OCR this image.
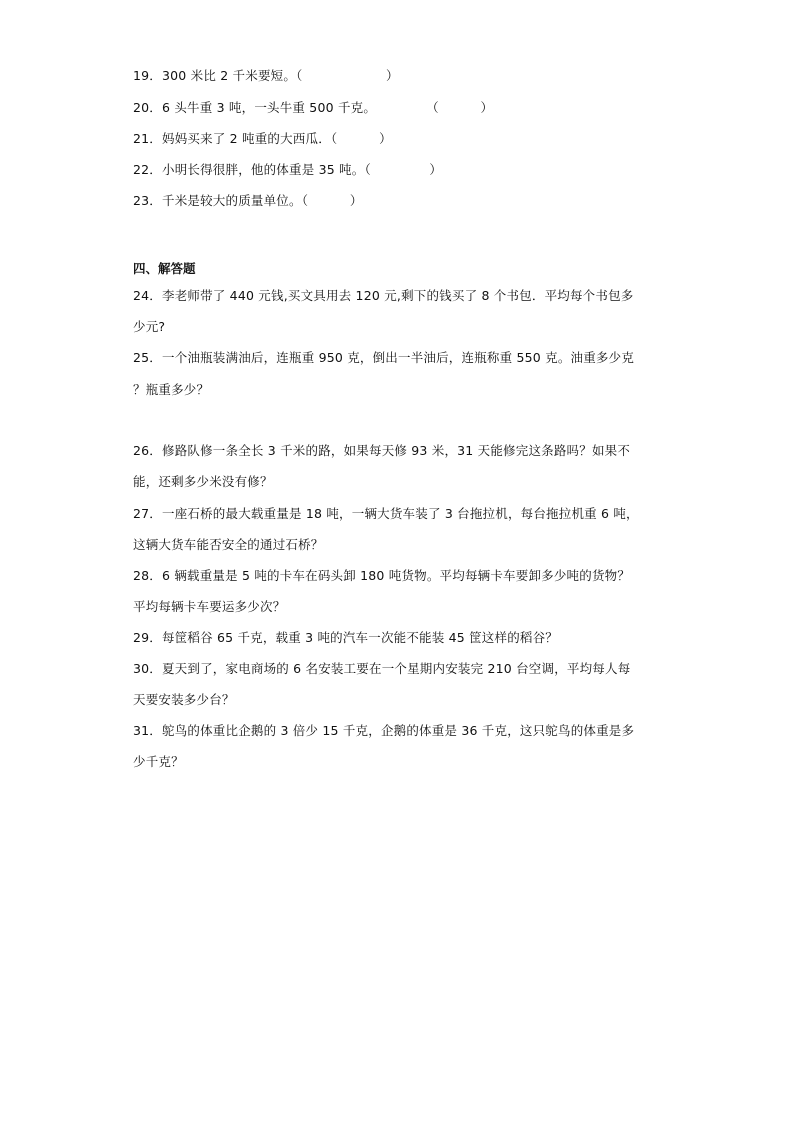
19．300 米比 2 千米要短。（                    ）
20．6 头牛重 3 吨，一头牛重 500 千克。            （          ）
21．妈妈买来了 2 吨重的大西瓜．（          ）
22．小明长得很胖，他的体重是 35 吨。（              ）
23．千米是较大的质量单位。（          ）
四、解答题
24．李老师带了 440 元钱,买文具用去 120 元,剩下的钱买了 8 个书包．平均每个书包多
少元?
25．一个油瓶装满油后，连瓶重 950 克，倒出一半油后，连瓶称重 550 克。油重多少克
？瓶重多少？
26．修路队修一条全长 3 千米的路，如果每天修 93 米，31 天能修完这条路吗？如果不
能，还剩多少米没有修？
27．一座石桥的最大载重量是 18 吨，一辆大货车装了 3 台拖拉机，每台拖拉机重 6 吨，
这辆大货车能否安全的通过石桥？
28．6 辆载重量是 5 吨的卡车在码头卸 180 吨货物。平均每辆卡车要卸多少吨的货物？
平均每辆卡车要运多少次？
29．每筐稻谷 65 千克，载重 3 吨的汽车一次能不能装 45 筐这样的稻谷？
30．夏天到了，家电商场的 6 名安装工要在一个星期内安装完 210 台空调，平均每人每
天要安装多少台？
31．鸵鸟的体重比企鹅的 3 倍少 15 千克，企鹅的体重是 36 千克，这只鸵鸟的体重是多
少千克？
